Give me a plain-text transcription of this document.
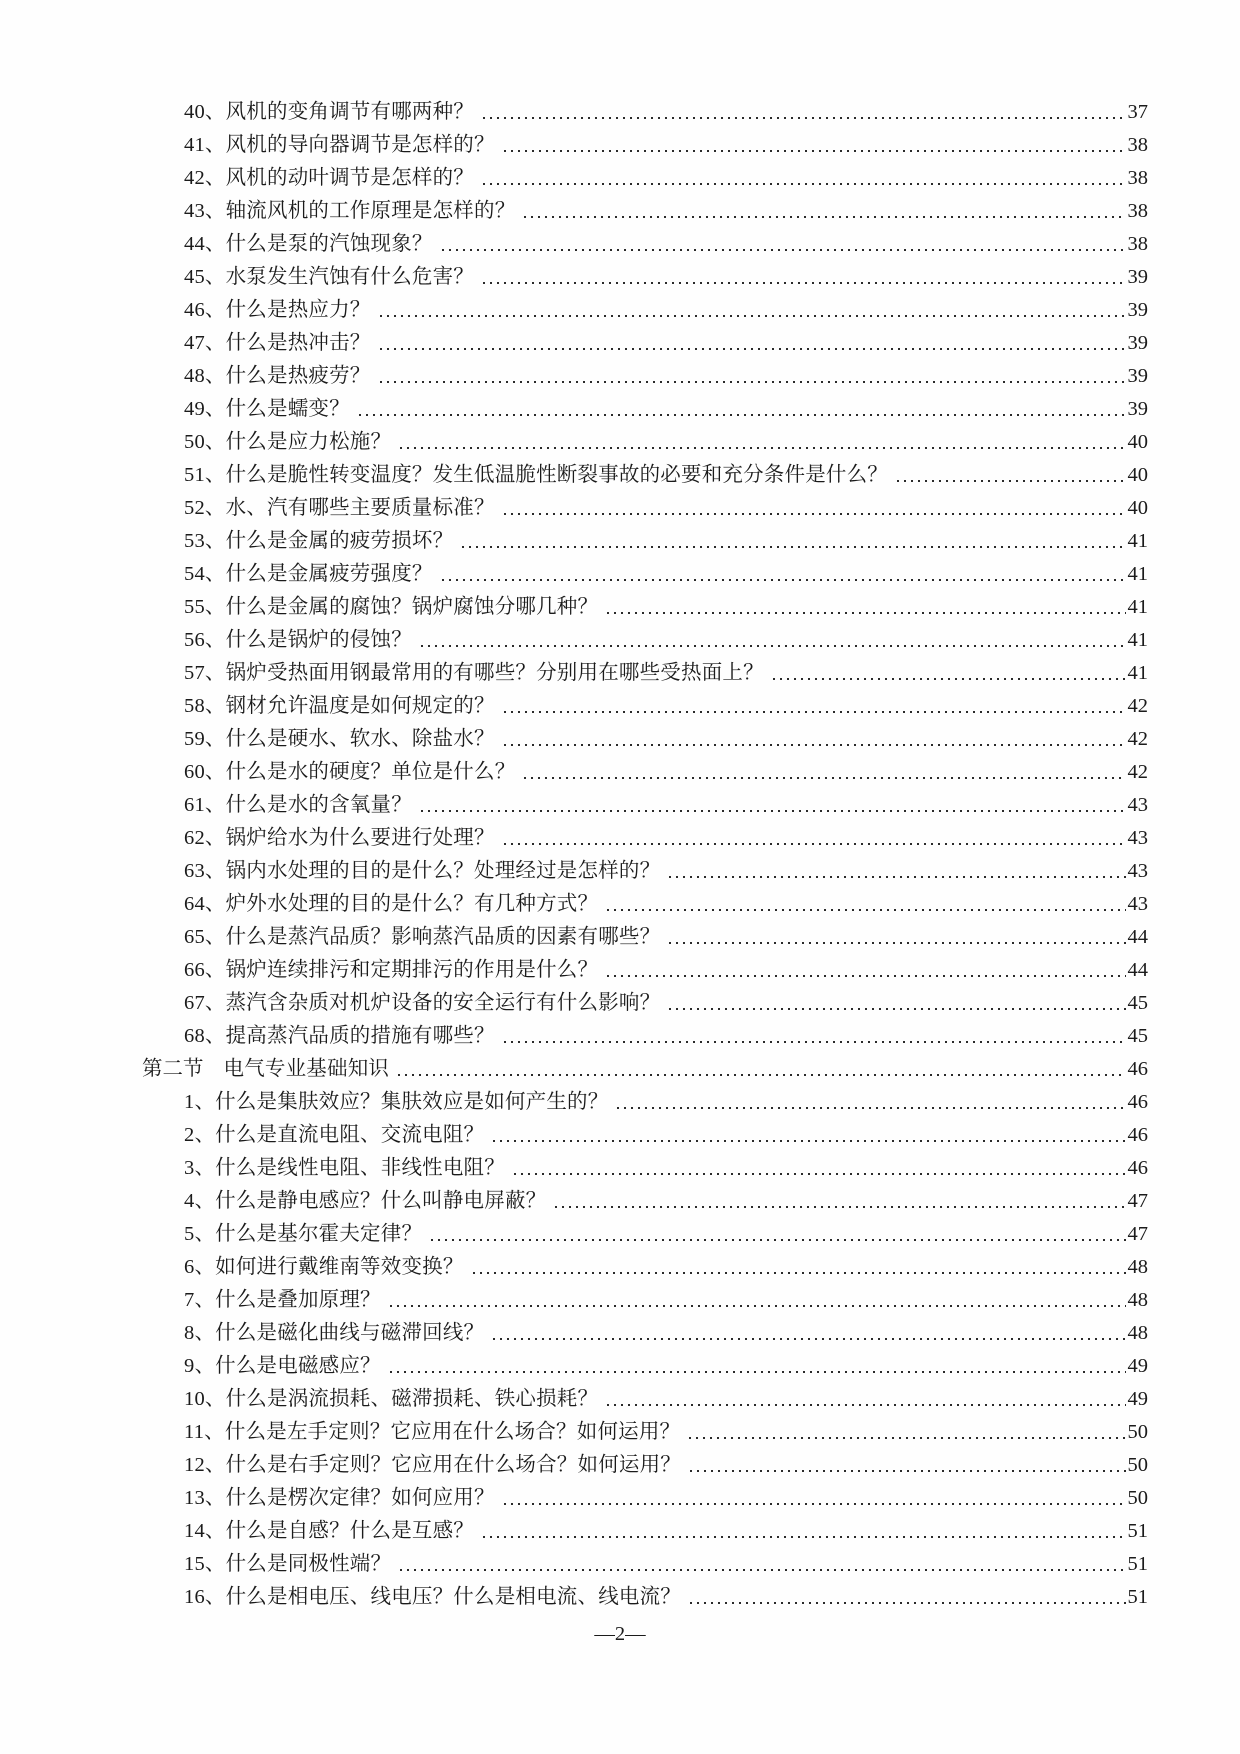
40、风机的变角调节有哪两种？	37
41、风机的导向器调节是怎样的？	38
42、风机的动叶调节是怎样的？	38
43、轴流风机的工作原理是怎样的？	38
44、什么是泵的汽蚀现象？	38
45、水泵发生汽蚀有什么危害？	39
46、什么是热应力？	39
47、什么是热冲击？	39
48、什么是热疲劳？	39
49、什么是蠕变？	39
50、什么是应力松施？	40
51、什么是脆性转变温度？发生低温脆性断裂事故的必要和充分条件是什么？	40
52、水、汽有哪些主要质量标准？	40
53、什么是金属的疲劳损坏？	41
54、什么是金属疲劳强度？	41
55、什么是金属的腐蚀？锅炉腐蚀分哪几种？	41
56、什么是锅炉的侵蚀？	41
57、锅炉受热面用钢最常用的有哪些？分别用在哪些受热面上？	41
58、钢材允许温度是如何规定的？	42
59、什么是硬水、软水、除盐水？	42
60、什么是水的硬度？单位是什么？	42
61、什么是水的含氧量？	43
62、锅炉给水为什么要进行处理？	43
63、锅内水处理的目的是什么？处理经过是怎样的？	43
64、炉外水处理的目的是什么？有几种方式？	43
65、什么是蒸汽品质？影响蒸汽品质的因素有哪些？	44
66、锅炉连续排污和定期排污的作用是什么？	44
67、蒸汽含杂质对机炉设备的安全运行有什么影响？	45
68、提高蒸汽品质的措施有哪些？	45
第二节 电气专业基础知识	46
1、什么是集肤效应？集肤效应是如何产生的？	46
2、什么是直流电阻、交流电阻？	46
3、什么是线性电阻、非线性电阻？	46
4、什么是静电感应？什么叫静电屏蔽？	47
5、什么是基尔霍夫定律？	47
6、如何进行戴维南等效变换？	48
7、什么是叠加原理？	48
8、什么是磁化曲线与磁滞回线？	48
9、什么是电磁感应？	49
10、什么是涡流损耗、磁滞损耗、铁心损耗？	49
11、什么是左手定则？它应用在什么场合？如何运用？	50
12、什么是右手定则？它应用在什么场合？如何运用？	50
13、什么是楞次定律？如何应用？	50
14、什么是自感？什么是互感？	51
15、什么是同极性端？	51
16、什么是相电压、线电压？什么是相电流、线电流？	51
—2—
